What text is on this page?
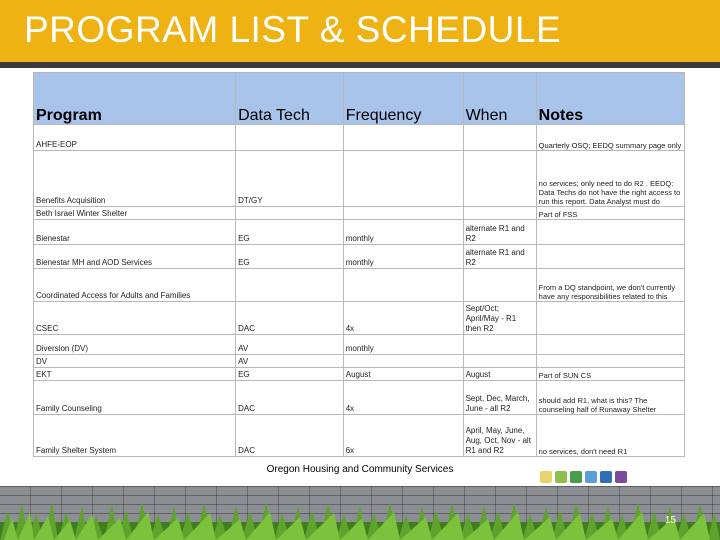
PROGRAM LIST & SCHEDULE
Program	Data Tech	Frequency	When	Notes
AHFE-EOP				Quarterly OSQ; EEDQ summary page only
Benefits Acquisition	DT/GY			no services; only need to do R2 . EEDQ: Data Techs do not have the right access to run this report. Data Analyst must do
Beth Israel Winter Shelter				Part of FSS
Bienestar	EG	monthly	alternate R1 and R2	
Bienestar MH and AOD Services	EG	monthly	alternate R1 and R2	
Coordinated Access for Adults and Families				From a DQ standpoint, we don't currently have any responsibilities related to this
CSEC	DAC	4x	Sept/Oct; April/May - R1 then R2	
Diversion (DV)	AV	monthly		
DV	AV			
EKT	EG	August	August	Part of SUN CS
Family Counseling	DAC	4x	Sept, Dec, March, June - all R2	should add R1, what is this? The counseling half of Runaway Shelter
Family Shelter System	DAC	6x	April, May, June, Aug, Oct, Nov - alt R1 and R2	no services, don't need R1
Oregon Housing and Community Services
15
